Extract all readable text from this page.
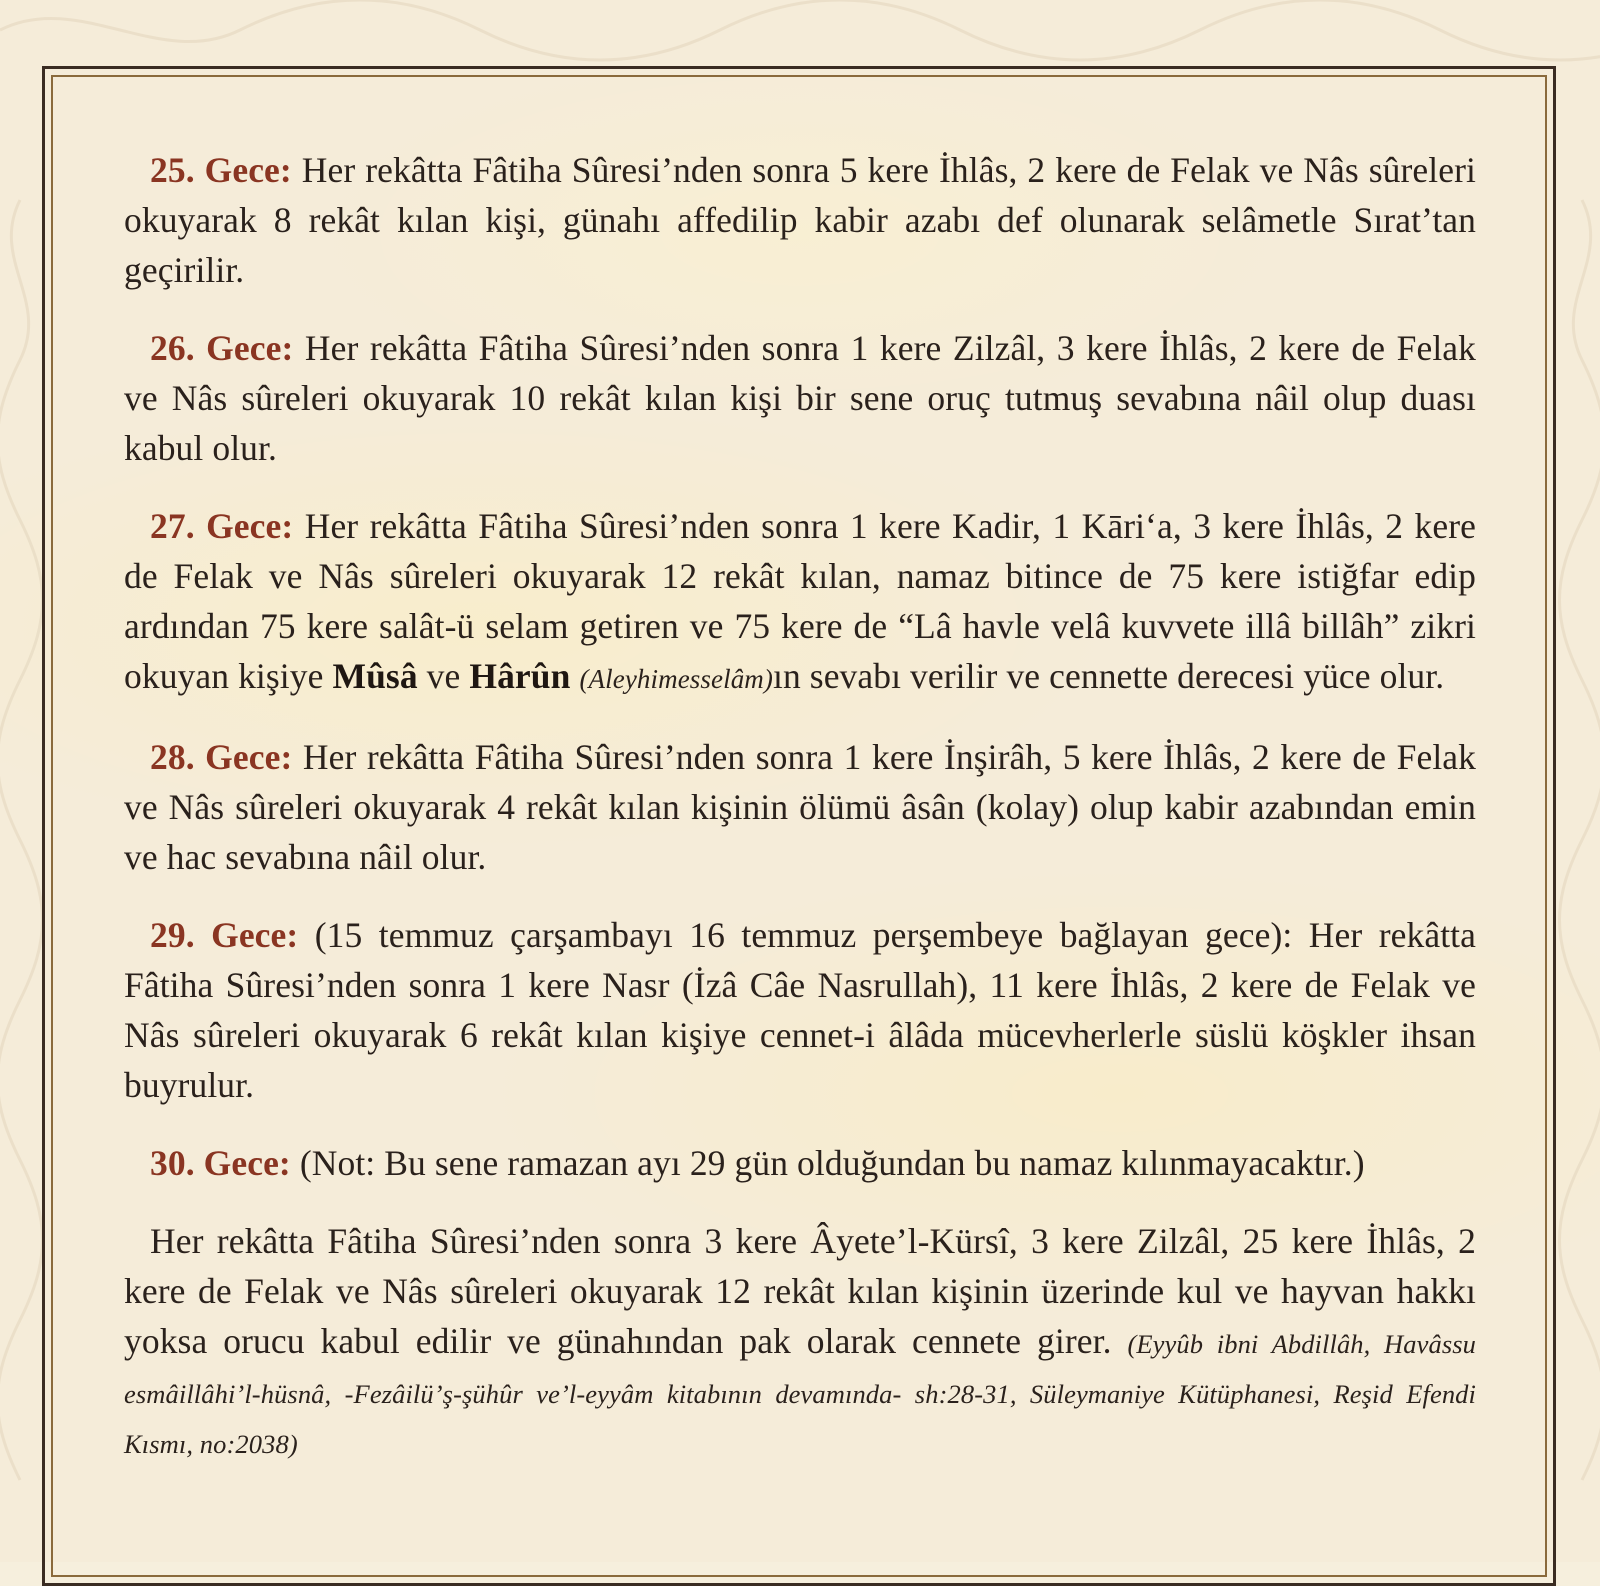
25. Gece: Her rekâtta Fâtiha Sûresi’nden sonra 5 kere İhlâs, 2 kere de Felak ve Nâs sûreleri okuyarak 8 rekât kılan kişi, günahı affedilip kabir azabı def olunarak selâmetle Sırat’tan geçirilir.

26. Gece: Her rekâtta Fâtiha Sûresi’nden sonra 1 kere Zilzâl, 3 kere İhlâs, 2 kere de Felak ve Nâs sûreleri okuyarak 10 rekât kılan kişi bir sene oruç tutmuş sevabına nâil olup duası kabul olur.

27. Gece: Her rekâtta Fâtiha Sûresi’nden sonra 1 kere Kadir, 1 Kāri‘a, 3 kere İhlâs, 2 kere de Felak ve Nâs sûreleri okuyarak 12 rekât kılan, namaz bitince de 75 kere istiğfar edip ardından 75 kere salât-ü selam getiren ve 75 kere de “Lâ havle velâ kuvvete illâ billâh” zikri okuyan kişiye Mûsâ ve Hârûn (Aleyhimesselâm)ın sevabı verilir ve cennette derecesi yüce olur.

28. Gece: Her rekâtta Fâtiha Sûresi’nden sonra 1 kere İnşirâh, 5 kere İhlâs, 2 kere de Felak ve Nâs sûreleri okuyarak 4 rekât kılan kişinin ölümü âsân (kolay) olup kabir azabından emin ve hac sevabına nâil olur.

29. Gece: (15 temmuz çarşambayı 16 temmuz perşembeye bağlayan gece): Her rekâtta Fâtiha Sûresi’nden sonra 1 kere Nasr (İzâ Câe Nasrullah), 11 kere İhlâs, 2 kere de Felak ve Nâs sûreleri okuyarak 6 rekât kılan kişiye cennet-i âlâda mücevherlerle süslü köşkler ihsan buyrulur.

30. Gece: (Not: Bu sene ramazan ayı 29 gün olduğundan bu namaz kılınmayacaktır.)

Her rekâtta Fâtiha Sûresi’nden sonra 3 kere Âyete’l-Kürsî, 3 kere Zilzâl, 25 kere İhlâs, 2 kere de Felak ve Nâs sûreleri okuyarak 12 rekât kılan kişinin üzerinde kul ve hayvan hakkı yoksa orucu kabul edilir ve günahından pak olarak cennete girer. (Eyyûb ibni Abdillâh, Havâssu esmâillâhi’l-hüsnâ, -Fezâilü’ş-şühûr ve’l-eyyâm kitabının devamında- sh:28-31, Süleymaniye Kütüphanesi, Reşid Efendi Kısmı, no:2038)
